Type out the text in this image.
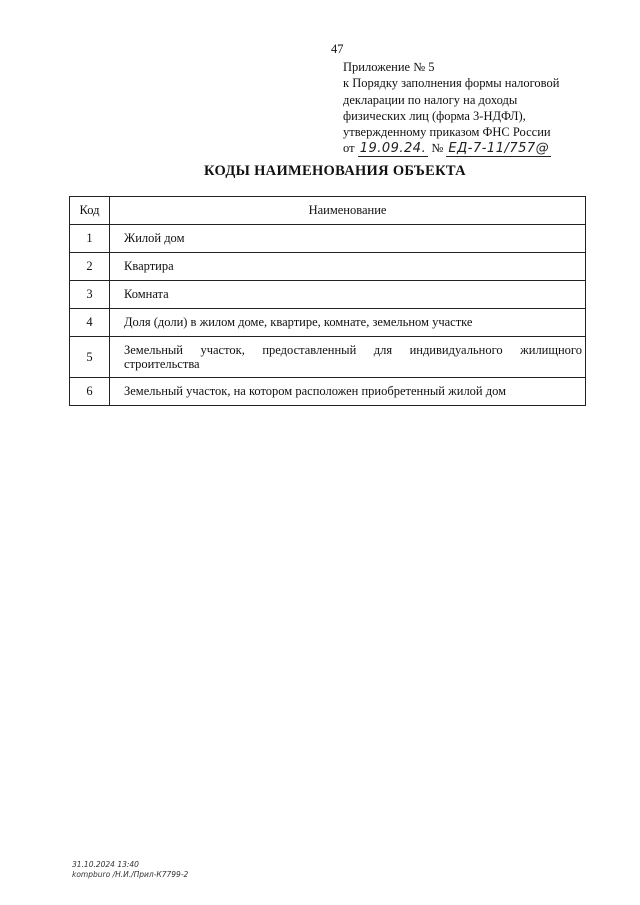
47
Приложение № 5
к Порядку заполнения формы налоговой
декларации по налогу на доходы
физических лиц (форма 3-НДФЛ),
утвержденному приказом ФНС России
от 19.09.24. № ЕД-7-11/757@
КОДЫ НАИМЕНОВАНИЯ ОБЪЕКТА
Код	Наименование
1	Жилой дом
2	Квартира
3	Комната
4	Доля (доли) в жилом доме, квартире, комнате, земельном участке
5	Земельный участок, предоставленный для индивидуального жилищного строительства
6	Земельный участок, на котором расположен приобретенный жилой дом
31.10.2024 13:40
kompburo /Н.И./Прил-К7799-2
